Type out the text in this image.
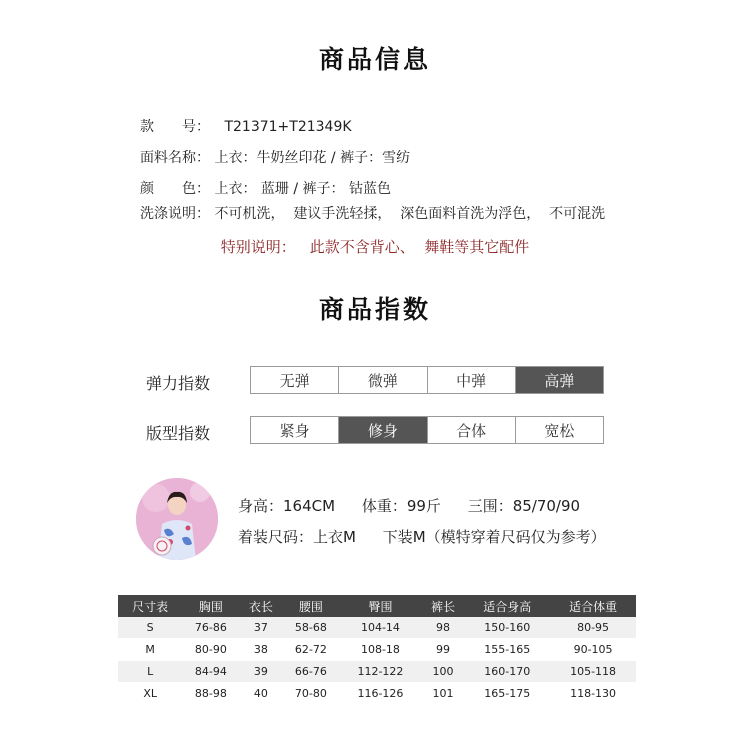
商品信息
款　　号： T21371+T21349K
面料名称： 上衣：牛奶丝印花 / 裤子：雪纺
颜　　色： 上衣： 蓝珊 / 裤子： 钴蓝色
洗涤说明： 不可机洗，  建议手洗轻揉，  深色面料首洗为浮色，  不可混洗
特别说明： 此款不含背心、  舞鞋等其它配件
商品指数
弹力指数	无弹	微弹	中弹	高弹
版型指数	紧身	修身	合体	宽松
身高：164CM 体重：99斤 三围：85/70/90
着装尺码：上衣M 下装M（模特穿着尺码仅为参考）
尺寸表	胸围	衣长	腰围	臀围	裤长	适合身高	适合体重
S	76-86	37	58-68	104-14	98	150-160	80-95
M	80-90	38	62-72	108-18	99	155-165	90-105
L	84-94	39	66-76	112-122	100	160-170	105-118
XL	88-98	40	70-80	116-126	101	165-175	118-130
